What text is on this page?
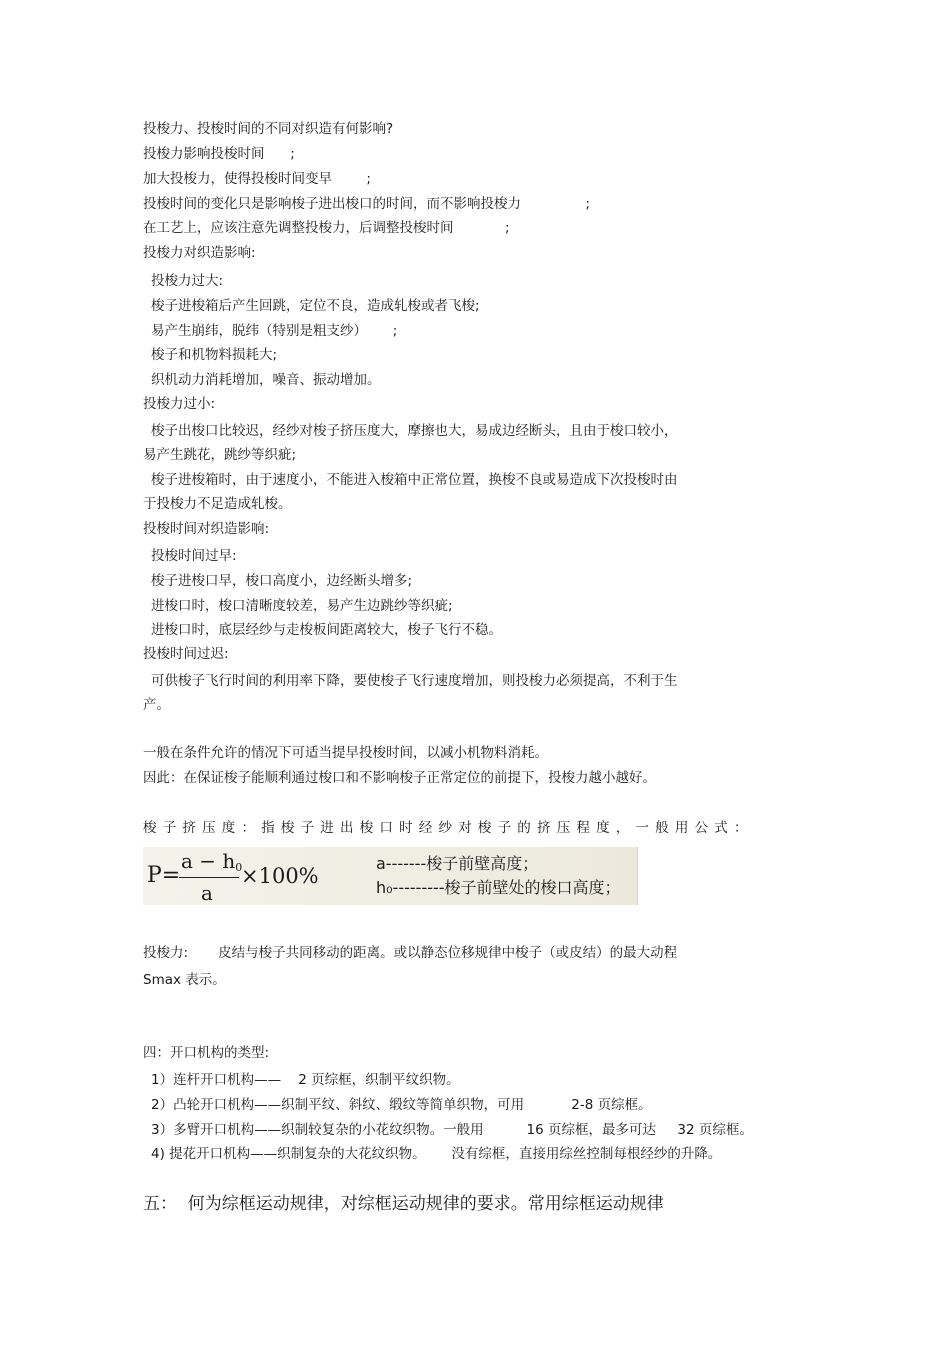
投梭力、投梭时间的不同对织造有何影响?
投梭力影响投梭时间      ;
加大投梭力，使得投梭时间变早        ;
投梭时间的变化只是影响梭子进出梭口的时间，而不影响投梭力               ;
在工艺上，应该注意先调整投梭力，后调整投梭时间            ;
投梭力对织造影响:
投梭力过大:
梭子进梭箱后产生回跳，定位不良，造成轧梭或者飞梭;
易产生崩纬，脱纬（特别是粗支纱）      ;
梭子和机物料损耗大;
织机动力消耗增加，噪音、振动增加。
投梭力过小:
梭子出梭口比较迟，经纱对梭子挤压度大，摩擦也大，易成边经断头，且由于梭口较小，
易产生跳花，跳纱等织疵;
梭子进梭箱时，由于速度小，不能进入梭箱中正常位置，换梭不良或易造成下次投梭时由
于投梭力不足造成轧梭。
投梭时间对织造影响:
投梭时间过早:
梭子进梭口早，梭口高度小，边经断头增多;
进梭口时，梭口清晰度较差，易产生边跳纱等织疵;
进梭口时，底层经纱与走梭板间距离较大，梭子飞行不稳。
投梭时间过迟:
可供梭子飞行时间的利用率下降，要使梭子飞行速度增加，则投梭力必须提高，不利于生
产。
一般在条件允许的情况下可适当提早投梭时间，以减小机物料消耗。
因此：在保证梭子能顺利通过梭口和不影响梭子正常定位的前提下，投梭力越小越好。
投梭力:       皮结与梭子共同移动的距离。或以静态位移规律中梭子（或皮结）的最大动程
Smax 表示。
四：开口机构的类型:
1）连杆开口机构——    2 页综框，织制平纹织物。
2）凸轮开口机构——织制平纹、斜纹、缎纹等简单织物，可用           2-8 页综框。
3）多臂开口机构——织制较复杂的小花纹织物。一般用          16 页综框，最多可达     32 页综框。
4) 提花开口机构——织制复杂的大花纹织物。      没有综框，直接用综丝控制每根经纱的升降。
梭子挤压度：指梭子进出梭口时经纱对梭子的挤压程度，一般用公式：
P=
a − h0
a
×100%
a-------梭子前壁高度；
h₀---------梭子前壁处的梭口高度；
五：  何为综框运动规律，对综框运动规律的要求。常用综框运动规律
